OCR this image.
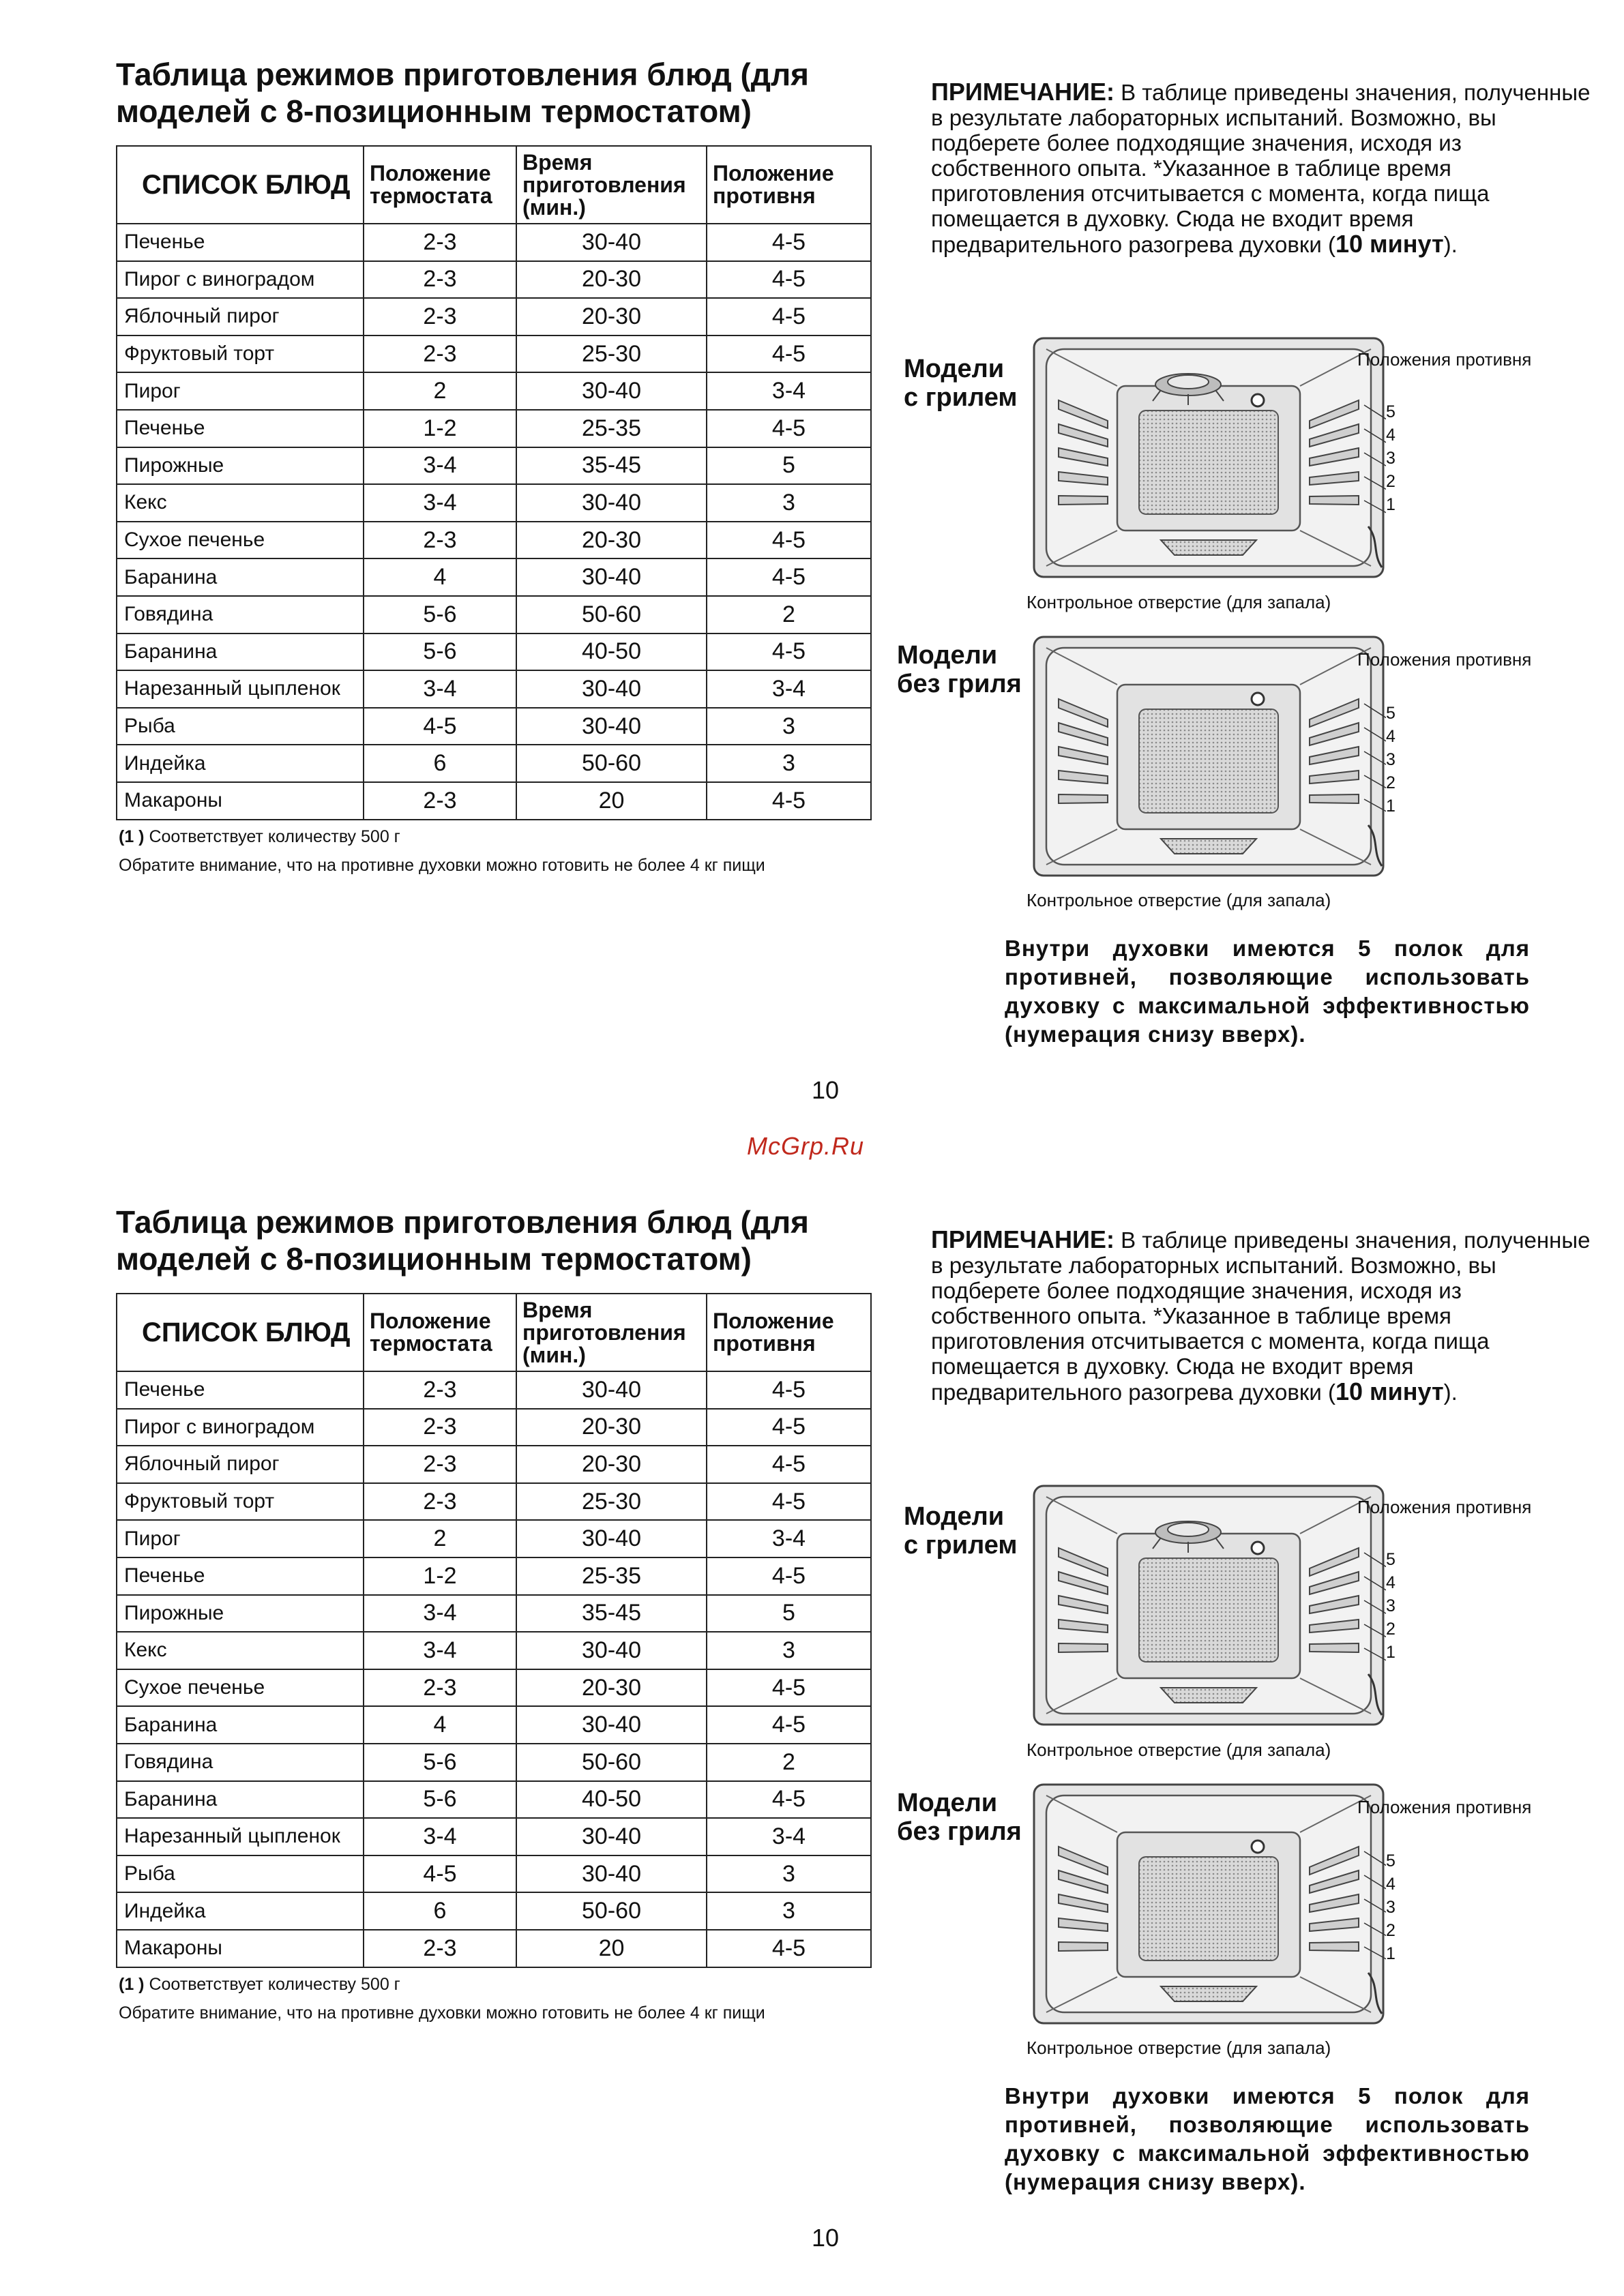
Таблица режимов приготовления блюд (для моделей с 8-позиционным термостатом)
СПИСОК БЛЮД	Положение термостата	Время приготовления (мин.)	Положение противня
Печенье	2-3	30-40	4-5
Пирог с виноградом	2-3	20-30	4-5
Яблочный пирог	2-3	20-30	4-5
Фруктовый торт	2-3	25-30	4-5
Пирог	2	30-40	3-4
Печенье	1-2	25-35	4-5
Пирожные	3-4	35-45	5
Кекс	3-4	30-40	3
Сухое печенье	2-3	20-30	4-5
Баранина	4	30-40	4-5
Говядина	5-6	50-60	2
Баранина	5-6	40-50	4-5
Нарезанный цыпленок	3-4	30-40	3-4
Рыба	4-5	30-40	3
Индейка	6	50-60	3
Макароны	2-3	20	4-5
(1 ) Соответствует количеству 500 г
Обратите внимание, что на противне духовки можно готовить не более 4 кг пищи

ПРИМЕЧАНИЕ: В таблице приведены значения, полученные в результате лабораторных испытаний. Возможно, вы подберете более подходящие значения, исходя из собственного опыта. *Указанное в таблице время приготовления отсчитывается с момента, когда пища помещается в духовку. Сюда не входит время предварительного разогрева духовки (10 минут).

Модели
с грилем
Положения противня
5
4
3
2
1
Контрольное отверстие (для запала)
Модели
без гриля
Положения противня
5
4
3
2
1
Контрольное отверстие (для запала)

Внутри духовки имеются 5 полок для противней, позволяющие использовать духовку с максимальной эффективностью (нумерация снизу вверх).

10
Таблица режимов приготовления блюд (для моделей с 8-позиционным термостатом)
СПИСОК БЛЮД	Положение термостата	Время приготовления (мин.)	Положение противня
Печенье	2-3	30-40	4-5
Пирог с виноградом	2-3	20-30	4-5
Яблочный пирог	2-3	20-30	4-5
Фруктовый торт	2-3	25-30	4-5
Пирог	2	30-40	3-4
Печенье	1-2	25-35	4-5
Пирожные	3-4	35-45	5
Кекс	3-4	30-40	3
Сухое печенье	2-3	20-30	4-5
Баранина	4	30-40	4-5
Говядина	5-6	50-60	2
Баранина	5-6	40-50	4-5
Нарезанный цыпленок	3-4	30-40	3-4
Рыба	4-5	30-40	3
Индейка	6	50-60	3
Макароны	2-3	20	4-5
(1 ) Соответствует количеству 500 г
Обратите внимание, что на противне духовки можно готовить не более 4 кг пищи

ПРИМЕЧАНИЕ: В таблице приведены значения, полученные в результате лабораторных испытаний. Возможно, вы подберете более подходящие значения, исходя из собственного опыта. *Указанное в таблице время приготовления отсчитывается с момента, когда пища помещается в духовку. Сюда не входит время предварительного разогрева духовки (10 минут).

Модели
с грилем
Положения противня
5
4
3
2
1
Контрольное отверстие (для запала)
Модели
без гриля
Положения противня
5
4
3
2
1
Контрольное отверстие (для запала)

Внутри духовки имеются 5 полок для противней, позволяющие использовать духовку с максимальной эффективностью (нумерация снизу вверх).

10
McGrp.Ru
